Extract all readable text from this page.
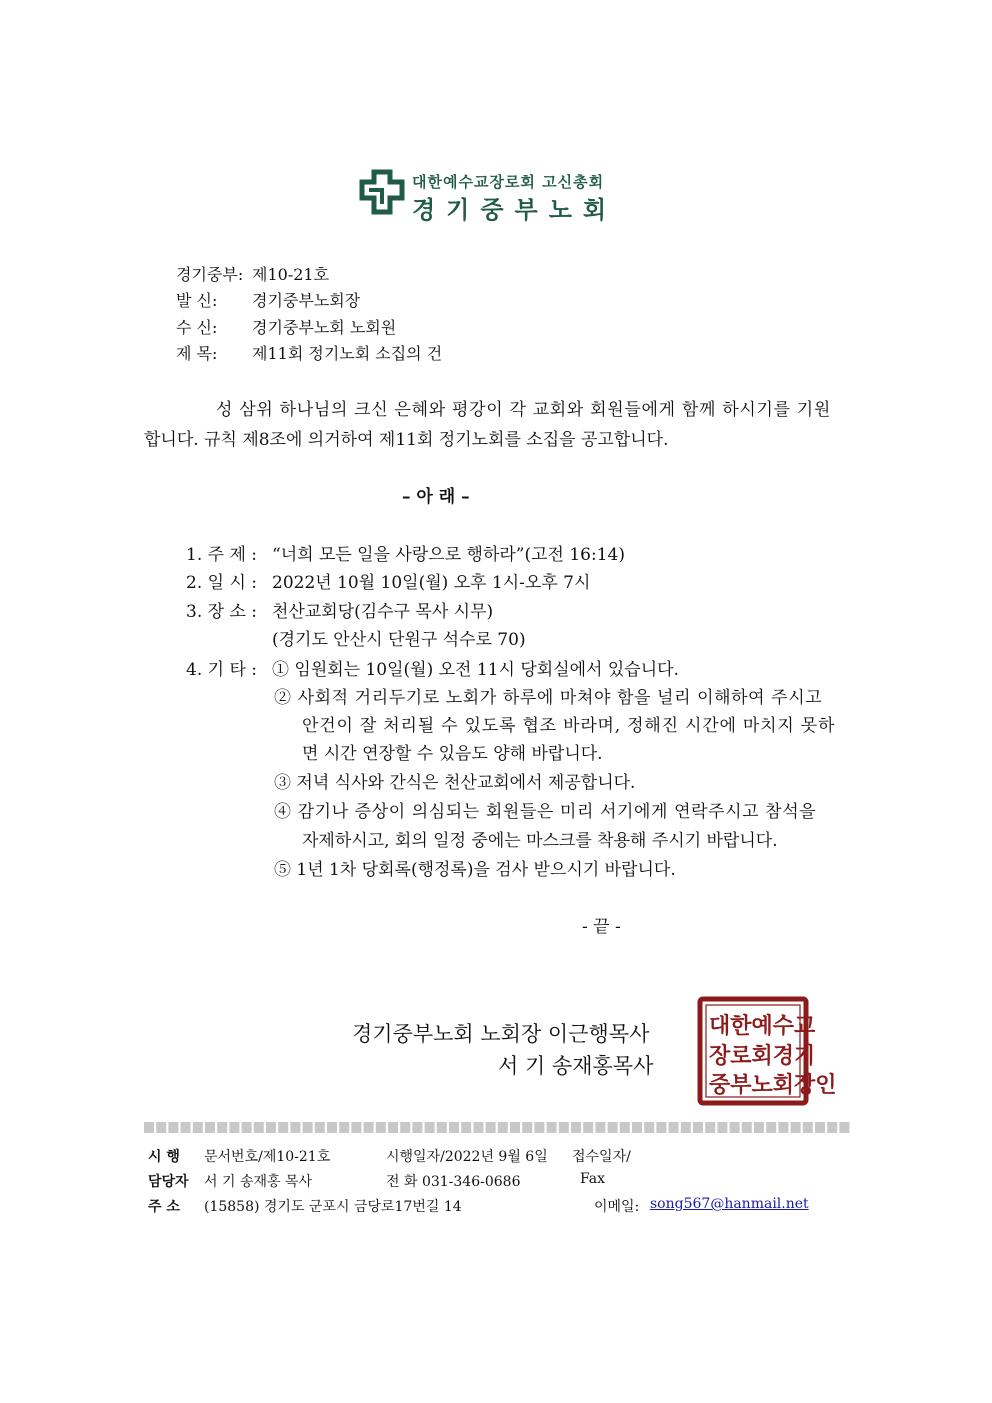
대한예수교장로회 고신총회
경기중부노회
경기중부: 제10-21호
발 신: 경기중부노회장
수 신: 경기중부노회 노회원
제 목: 제11회 정기노회 소집의 건
성 삼위 하나님의 크신 은혜와 평강이 각 교회와 회원들에게 함께 하시기를 기원
합니다. 규칙 제8조에 의거하여 제11회 정기노회를 소집을 공고합니다.
– 아 래 –
1. 주 제 : “너희 모든 일을 사랑으로 행하라”(고전 16:14)
2. 일 시 : 2022년 10월 10일(월) 오후 1시-오후 7시
3. 장 소 : 천산교회당(김수구 목사 시무)
(경기도 안산시 단원구 석수로 70)
4. 기 타 : ① 임원회는 10일(월) 오전 11시 당회실에서 있습니다.
② 사회적 거리두기로 노회가 하루에 마쳐야 함을 널리 이해하여 주시고
안건이 잘 처리될 수 있도록 협조 바라며, 정해진 시간에 마치지 못하
면 시간 연장할 수 있음도 양해 바랍니다.
③ 저녁 식사와 간식은 천산교회에서 제공합니다.
④ 감기나 증상이 의심되는 회원들은 미리 서기에게 연락주시고 참석을
자제하시고, 회의 일정 중에는 마스크를 착용해 주시기 바랍니다.
⑤ 1년 1차 당회록(행정록)을 검사 받으시기 바랍니다.
- 끝 -
경기중부노회 노회장 이근행목사
서 기 송재홍목사
대한예수교
장로회경기
중부노회장인
시 행 문서번호/제10-21호	시행일자/2022년 9월 6일 접수일자/
담당자 서 기 송재홍 목사	전 화 031-346-0686	Fax
주 소 (15858) 경기도 군포시 금당로17번길 14	이메일: song567@hanmail.net
